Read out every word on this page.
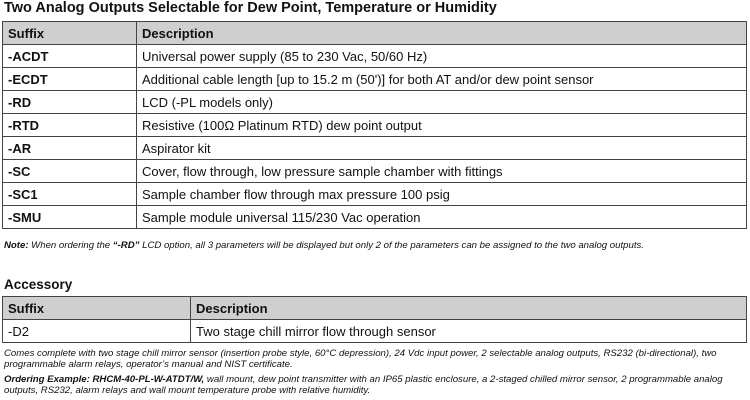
Two Analog Outputs Selectable for Dew Point, Temperature or Humidity
Suffix	Description
-ACDT	Universal power supply (85 to 230 Vac, 50/60 Hz)
-ECDT	Additional cable length [up to 15.2 m (50')] for both AT and/or dew point sensor
-RD	LCD (-PL models only)
-RTD	Resistive (100Ω Platinum RTD) dew point output
-AR	Aspirator kit
-SC	Cover, flow through, low pressure sample chamber with fittings
-SC1	Sample chamber flow through max pressure 100 psig
-SMU	Sample module universal 115/230 Vac operation
Note: When ordering the “-RD” LCD option, all 3 parameters will be displayed but only 2 of the parameters can be assigned to the two analog outputs.
Accessory
Suffix	Description
-D2	Two stage chill mirror flow through sensor
Comes complete with two stage chill mirror sensor (insertion probe style, 60°C depression), 24 Vdc input power, 2 selectable analog outputs, RS232 (bi-directional), two programmable alarm relays, operator’s manual and NIST certificate.
Ordering Example: RHCM-40-PL-W-ATDT/W, wall mount, dew point transmitter with an IP65 plastic enclosure, a 2-staged chilled mirror sensor, 2 programmable analog outputs, RS232, alarm relays and wall mount temperature probe with relative humidity.
